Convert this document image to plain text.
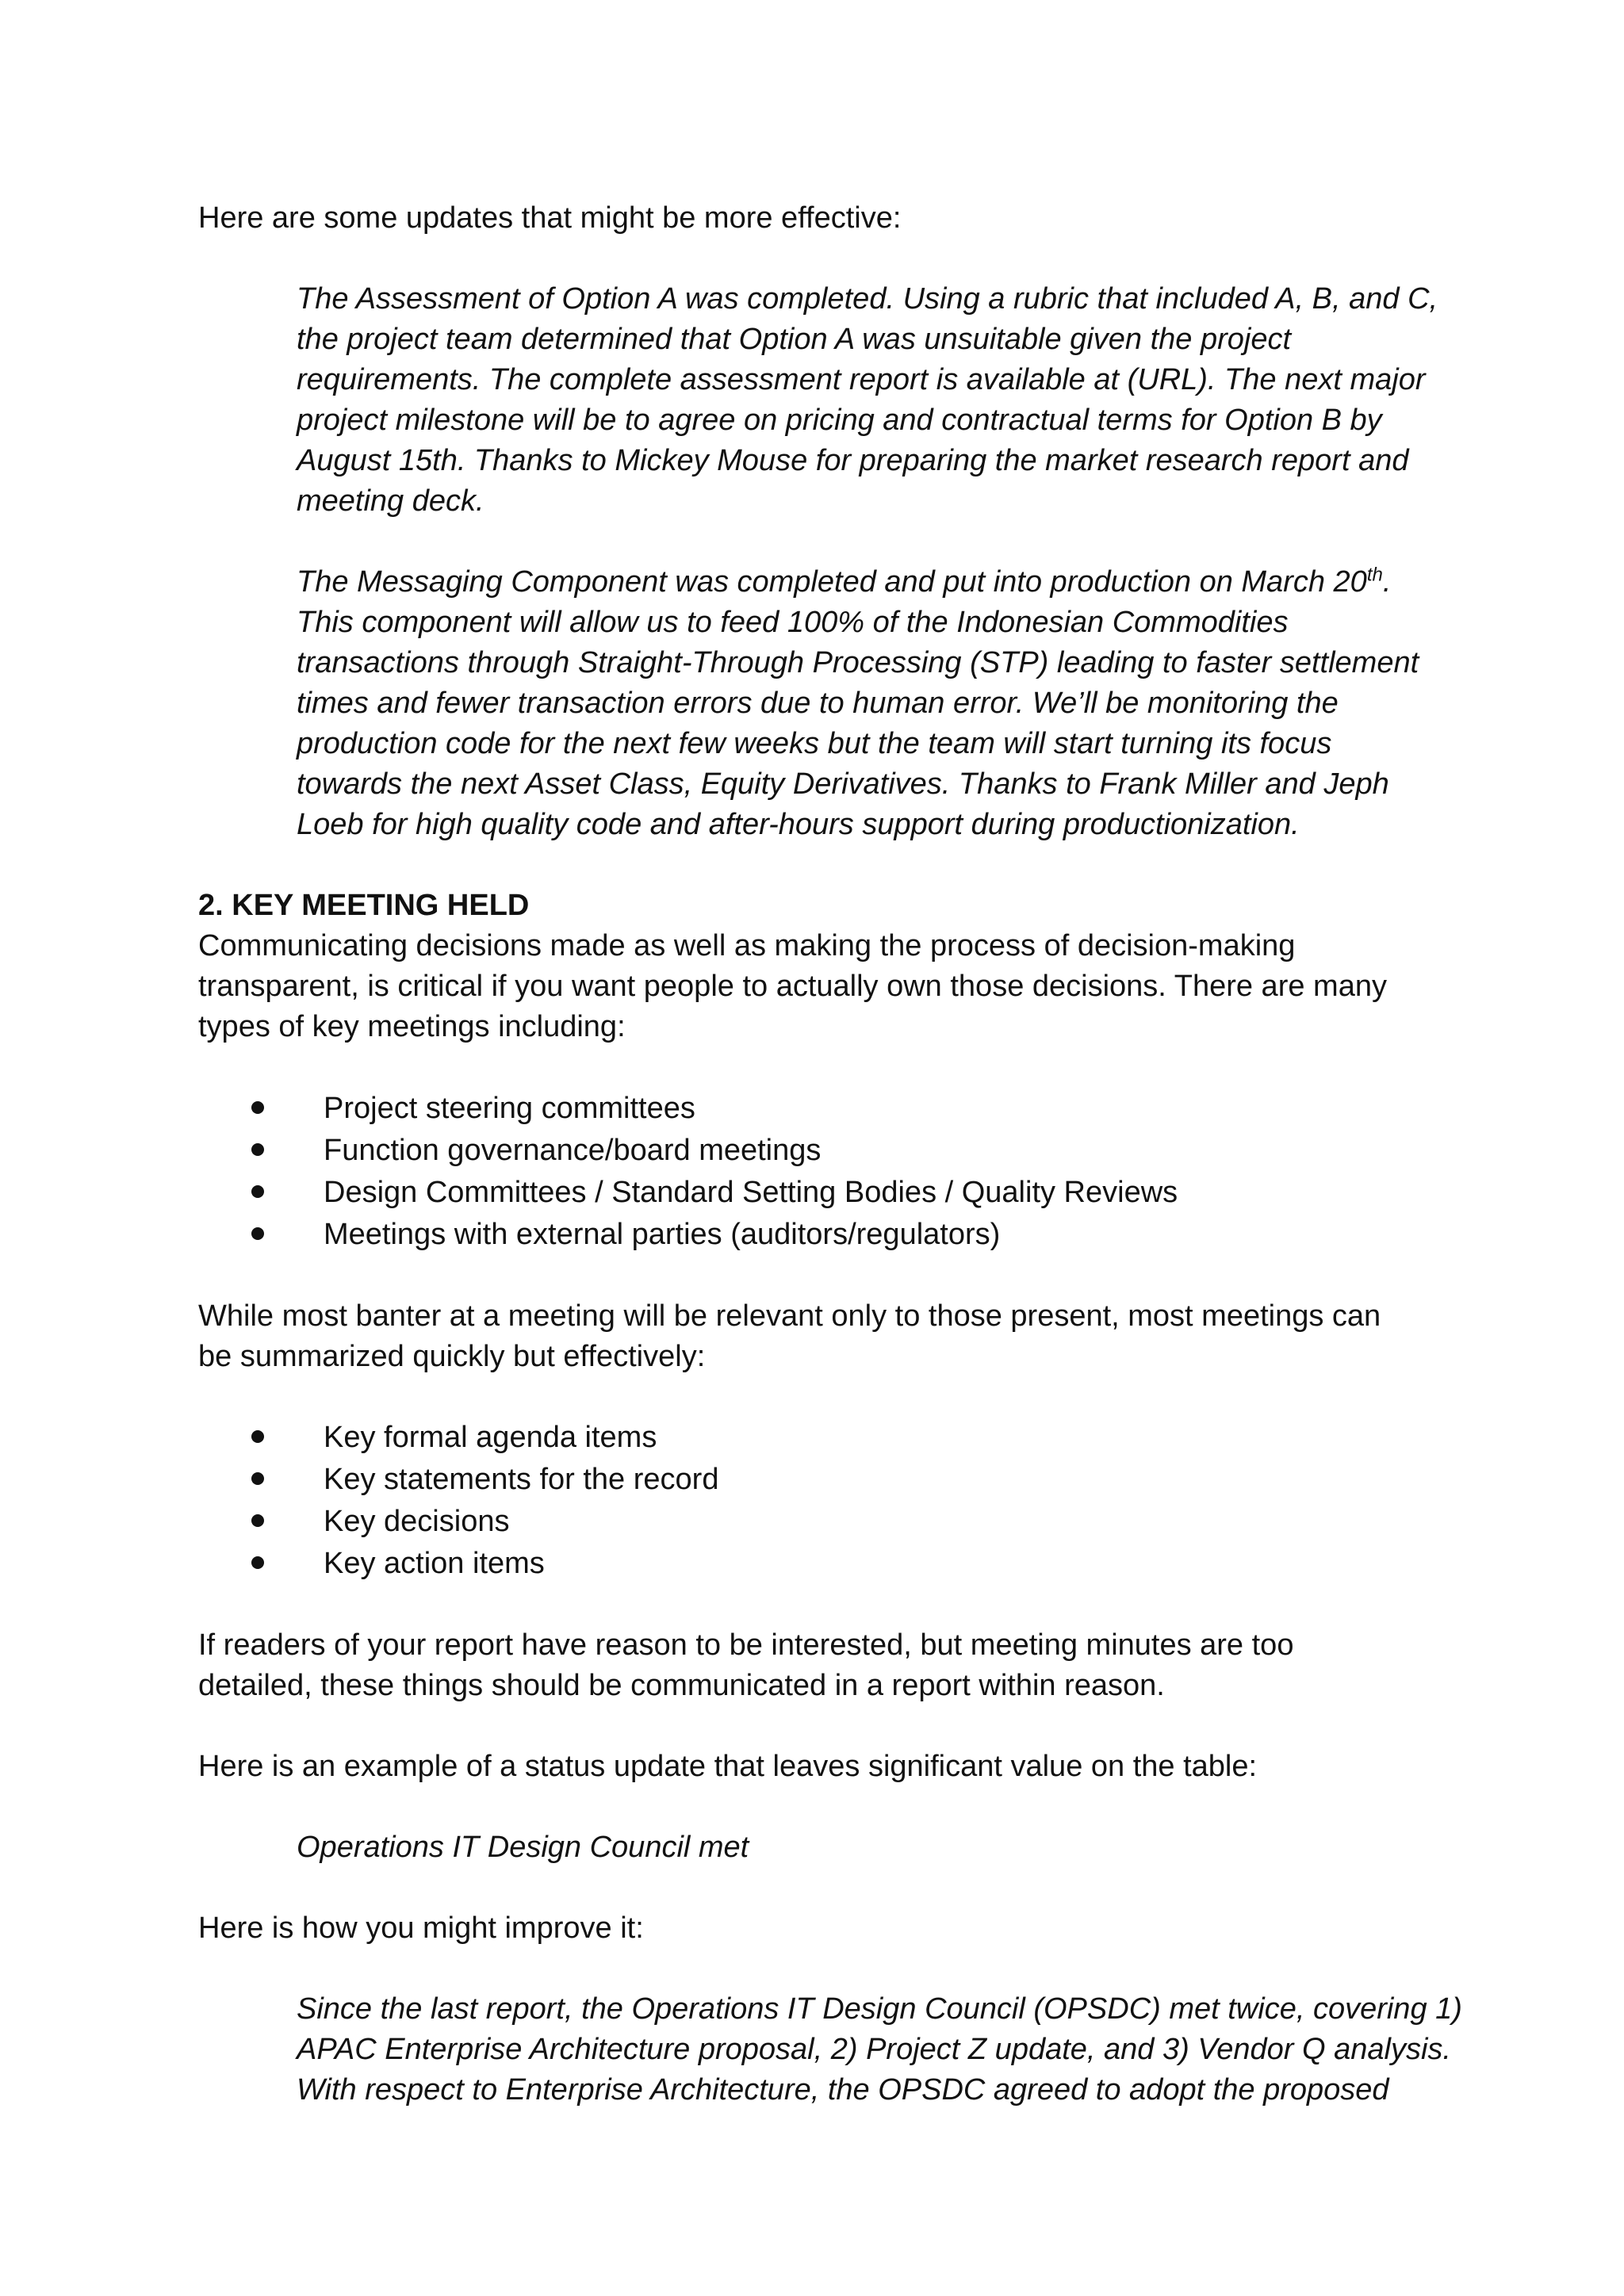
Here are some updates that might be more effective:

The Assessment of Option A was completed. Using a rubric that included A, B, and C,

the project team determined that Option A was unsuitable given the project

requirements. The complete assessment report is available at (URL). The next major

project milestone will be to agree on pricing and contractual terms for Option B by

August 15th. Thanks to Mickey Mouse for preparing the market research report and

meeting deck.

The Messaging Component was completed and put into production on March 20th.

This component will allow us to feed 100% of the Indonesian Commodities

transactions through Straight-Through Processing (STP) leading to faster settlement

times and fewer transaction errors due to human error. We’ll be monitoring the

production code for the next few weeks but the team will start turning its focus

towards the next Asset Class, Equity Derivatives. Thanks to Frank Miller and Jeph

Loeb for high quality code and after-hours support during productionization.

2. KEY MEETING HELD

Communicating decisions made as well as making the process of decision-making

transparent, is critical if you want people to actually own those decisions. There are many

types of key meetings including:

Project steering committees
Function governance/board meetings
Design Committees / Standard Setting Bodies / Quality Reviews
Meetings with external parties (auditors/regulators)

While most banter at a meeting will be relevant only to those present, most meetings can

be summarized quickly but effectively:

Key formal agenda items
Key statements for the record
Key decisions
Key action items

If readers of your report have reason to be interested, but meeting minutes are too

detailed, these things should be communicated in a report within reason.

Here is an example of a status update that leaves significant value on the table:

Operations IT Design Council met

Here is how you might improve it:

Since the last report, the Operations IT Design Council (OPSDC) met twice, covering 1)

APAC Enterprise Architecture proposal, 2) Project Z update, and 3) Vendor Q analysis.

With respect to Enterprise Architecture, the OPSDC agreed to adopt the proposed
